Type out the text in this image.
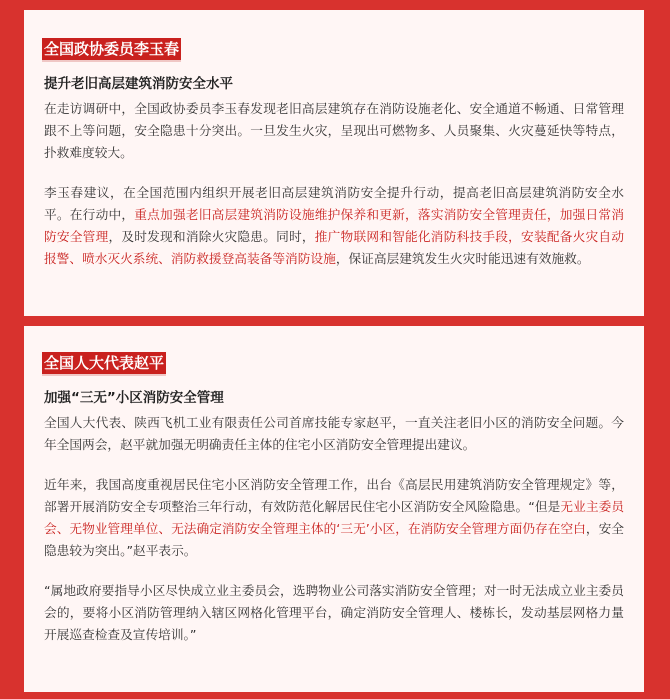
全国政协委员李玉春
提升老旧高层建筑消防安全水平

在走访调研中，全国政协委员李玉春发现老旧高层建筑存在消防设施老化、安全通道不畅通、日常管理跟不上等问题，安全隐患十分突出。一旦发生火灾，呈现出可燃物多、人员聚集、火灾蔓延快等特点，扑救难度较大。

李玉春建议，在全国范围内组织开展老旧高层建筑消防安全提升行动，提高老旧高层建筑消防安全水平。在行动中，重点加强老旧高层建筑消防设施维护保养和更新，落实消防安全管理责任，加强日常消防安全管理，及时发现和消除火灾隐患。同时，推广物联网和智能化消防科技手段，安装配备火灾自动报警、喷水灭火系统、消防救援登高装备等消防设施，保证高层建筑发生火灾时能迅速有效施救。

全国人大代表赵平
加强“三无”小区消防安全管理

全国人大代表、陕西飞机工业有限责任公司首席技能专家赵平，一直关注老旧小区的消防安全问题。今年全国两会，赵平就加强无明确责任主体的住宅小区消防安全管理提出建议。

近年来，我国高度重视居民住宅小区消防安全管理工作，出台《高层民用建筑消防安全管理规定》等，部署开展消防安全专项整治三年行动，有效防范化解居民住宅小区消防安全风险隐患。“但是无业主委员会、无物业管理单位、无法确定消防安全管理主体的‘三无’小区，在消防安全管理方面仍存在空白，安全隐患较为突出。”赵平表示。

“属地政府要指导小区尽快成立业主委员会，选聘物业公司落实消防安全管理；对一时无法成立业主委员会的，要将小区消防管理纳入辖区网格化管理平台，确定消防安全管理人、楼栋长，发动基层网格力量开展巡查检查及宣传培训。”
